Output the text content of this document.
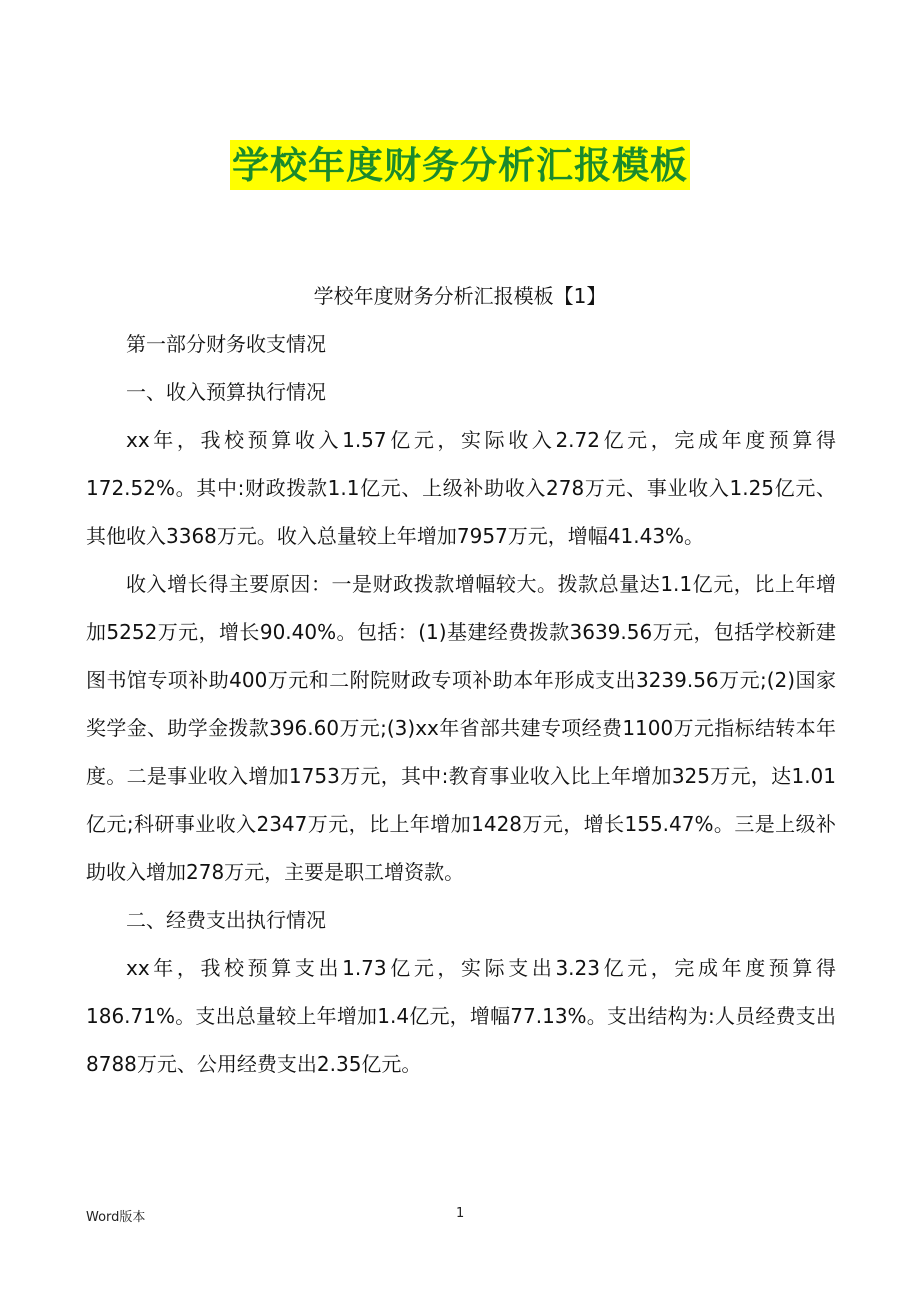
学校年度财务分析汇报模板
学校年度财务分析汇报模板【1】

第一部分财务收支情况

一、收入预算执行情况

xx年，我校预算收入1.57亿元，实际收入2.72亿元，完成年度预算得172.52%。其中:财政拨款1.1亿元、上级补助收入278万元、事业收入1.25亿元、其他收入3368万元。收入总量较上年增加7957万元，增幅41.43%。

收入增长得主要原因：一是财政拨款增幅较大。拨款总量达1.1亿元，比上年增加5252万元，增长90.40%。包括：(1)基建经费拨款3639.56万元，包括学校新建图书馆专项补助400万元和二附院财政专项补助本年形成支出3239.56万元;(2)国家奖学金、助学金拨款396.60万元;(3)xx年省部共建专项经费1100万元指标结转本年度。二是事业收入增加1753万元，其中:教育事业收入比上年增加325万元，达1.01亿元;科研事业收入2347万元，比上年增加1428万元，增长155.47%。三是上级补助收入增加278万元，主要是职工增资款。

二、经费支出执行情况

xx年，我校预算支出1.73亿元，实际支出3.23亿元，完成年度预算得186.71%。支出总量较上年增加1.4亿元，增幅77.13%。支出结构为:人员经费支出8788万元、公用经费支出2.35亿元。

Word版本	1
